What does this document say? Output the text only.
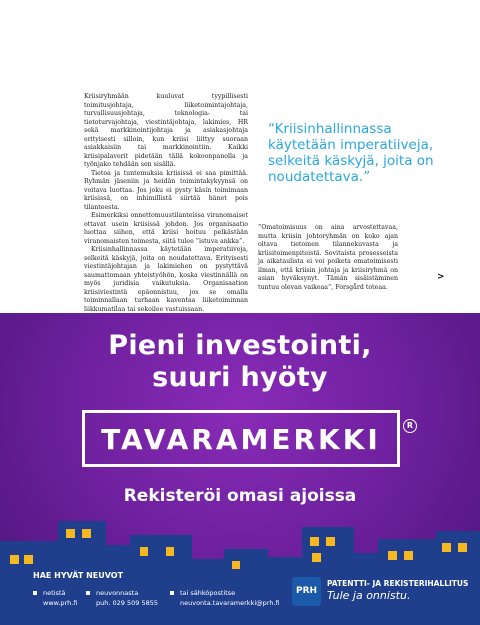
Kriisiryhmään kuuluvat tyypillisesti toimitusjohtaja, liiketoimintajohtaja, turvallisuusjohtaja, teknologia- tai tietoturvajohtaja, viestintäjohtaja, lakimies, HR sekä markkinointijohtaja ja asiakasjohtaja erityisesti silloin, kun kriisi liittyy suoraan asiakkaisiin tai markkinointiin. Kaikki kriisipalaverit pidetään tällä kokoonpanolla ja työnjako tehdään sen sisällä.

Tietoa ja tuntemuksia kriisissä ei saa pimittää. Ryhmän jäseniin ja heidän toimintakykyynsä on voitava luottaa. Jos joku ei pysty käsin toimimaan kriisissä, on inhimillistä siirtää hänet pois tilanteesta.

Esimerkiksi onnettomuustilanteissa viranomaiset ottavat usein kriisissä johdon. Jos organisaatio luottaa siihen, että kriisi hoituu pelkästään viranomaisten toimesta, siitä tulee ”istuva ankka”.

Kriisinhallinnassa käytetään imperatiiveja, selkeitä käskyjä, joita on noudatettava. Erityisesti viestintäjohtajan ja lakimiehen on pystyttävä saumattomaan yhteistyöhön, koska viestinnällä on myös juridisia vaikutuksia. Organisaation kriisiviestintä epäonnistuu, jos se omalla toiminnallaan turhaan kaventaa liiketoiminnan liikkumatilaa tai sekoilee vastuissaan.

“Kriisinhallinnassa käytetään imperatiiveja, selkeitä käskyjä, joita on noudatettava.”

”Omatoimisuus on aina arvostettavaa, mutta kriisin johtoryhmän on koko ajan oltava tietoinen tilannekuvasta ja kriisitoimenpiteistä. Sovitaista prosesseista ja aikataulista ei voi poiketa omatoimisesti ilman, että kriisin johtaja ja kriisiryhmä on asian hyväksynyt. Tämän sisäistäminen tuntuu olevan vaikeaa”, Forsgård toteaa.

>
Pieni investointi,
suuri hyöty
TAVARAMERKKI	R
Rekisteröi omasi ajoissa
HAE HYVÄT NEUVOT
netistä
www.prh.fi
neuvonnasta
puh. 029 509 5855
tai sähköpostitse
neuvonta.tavaramerkki@prh.fi
PRH
PATENTTI- JA REKISTERIHALLITUS
Tule ja onnistu.
